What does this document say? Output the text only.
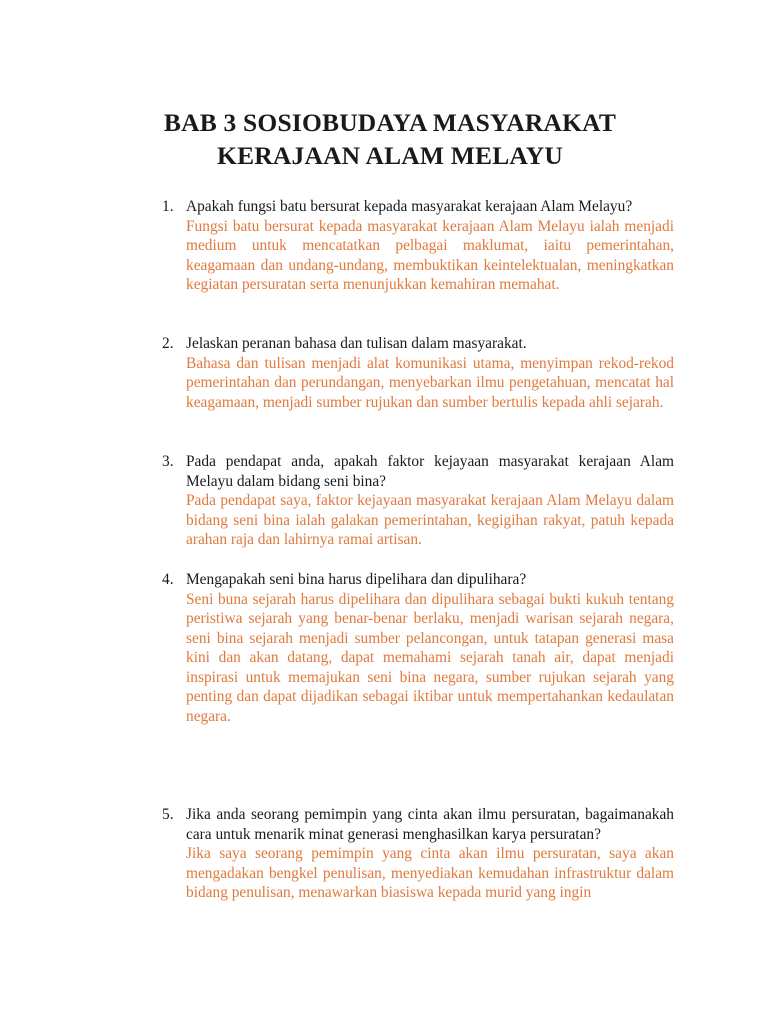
BAB 3 SOSIOBUDAYA MASYARAKAT
KERAJAAN ALAM MELAYU
1. Apakah fungsi batu bersurat kepada masyarakat kerajaan Alam Melayu?
Fungsi batu bersurat kepada masyarakat kerajaan Alam Melayu ialah menjadi medium untuk mencatatkan pelbagai maklumat, iaitu pemerintahan, keagamaan dan undang-undang, membuktikan keintelektualan, meningkatkan kegiatan persuratan serta menunjukkan kemahiran memahat.
2. Jelaskan peranan bahasa dan tulisan dalam masyarakat.
Bahasa dan tulisan menjadi alat komunikasi utama, menyimpan rekod-rekod pemerintahan dan perundangan, menyebarkan ilmu pengetahuan, mencatat hal keagamaan, menjadi sumber rujukan dan sumber bertulis kepada ahli sejarah.
3. Pada pendapat anda, apakah faktor kejayaan masyarakat kerajaan Alam Melayu dalam bidang seni bina?
Pada pendapat saya, faktor kejayaan masyarakat kerajaan Alam Melayu dalam bidang seni bina ialah galakan pemerintahan, kegigihan rakyat, patuh kepada arahan raja dan lahirnya ramai artisan.
4. Mengapakah seni bina harus dipelihara dan dipulihara?
Seni buna sejarah harus dipelihara dan dipulihara sebagai bukti kukuh tentang peristiwa sejarah yang benar-benar berlaku, menjadi warisan sejarah negara, seni bina sejarah menjadi sumber pelancongan, untuk tatapan generasi masa kini dan akan datang, dapat memahami sejarah tanah air, dapat menjadi inspirasi untuk memajukan seni bina negara, sumber rujukan sejarah yang penting dan dapat dijadikan sebagai iktibar untuk mempertahankan kedaulatan negara.
5. Jika anda seorang pemimpin yang cinta akan ilmu persuratan, bagaimanakah cara untuk menarik minat generasi menghasilkan karya persuratan?
Jika saya seorang pemimpin yang cinta akan ilmu persuratan, saya akan mengadakan bengkel penulisan, menyediakan kemudahan infrastruktur dalam bidang penulisan, menawarkan biasiswa kepada murid yang ingin
